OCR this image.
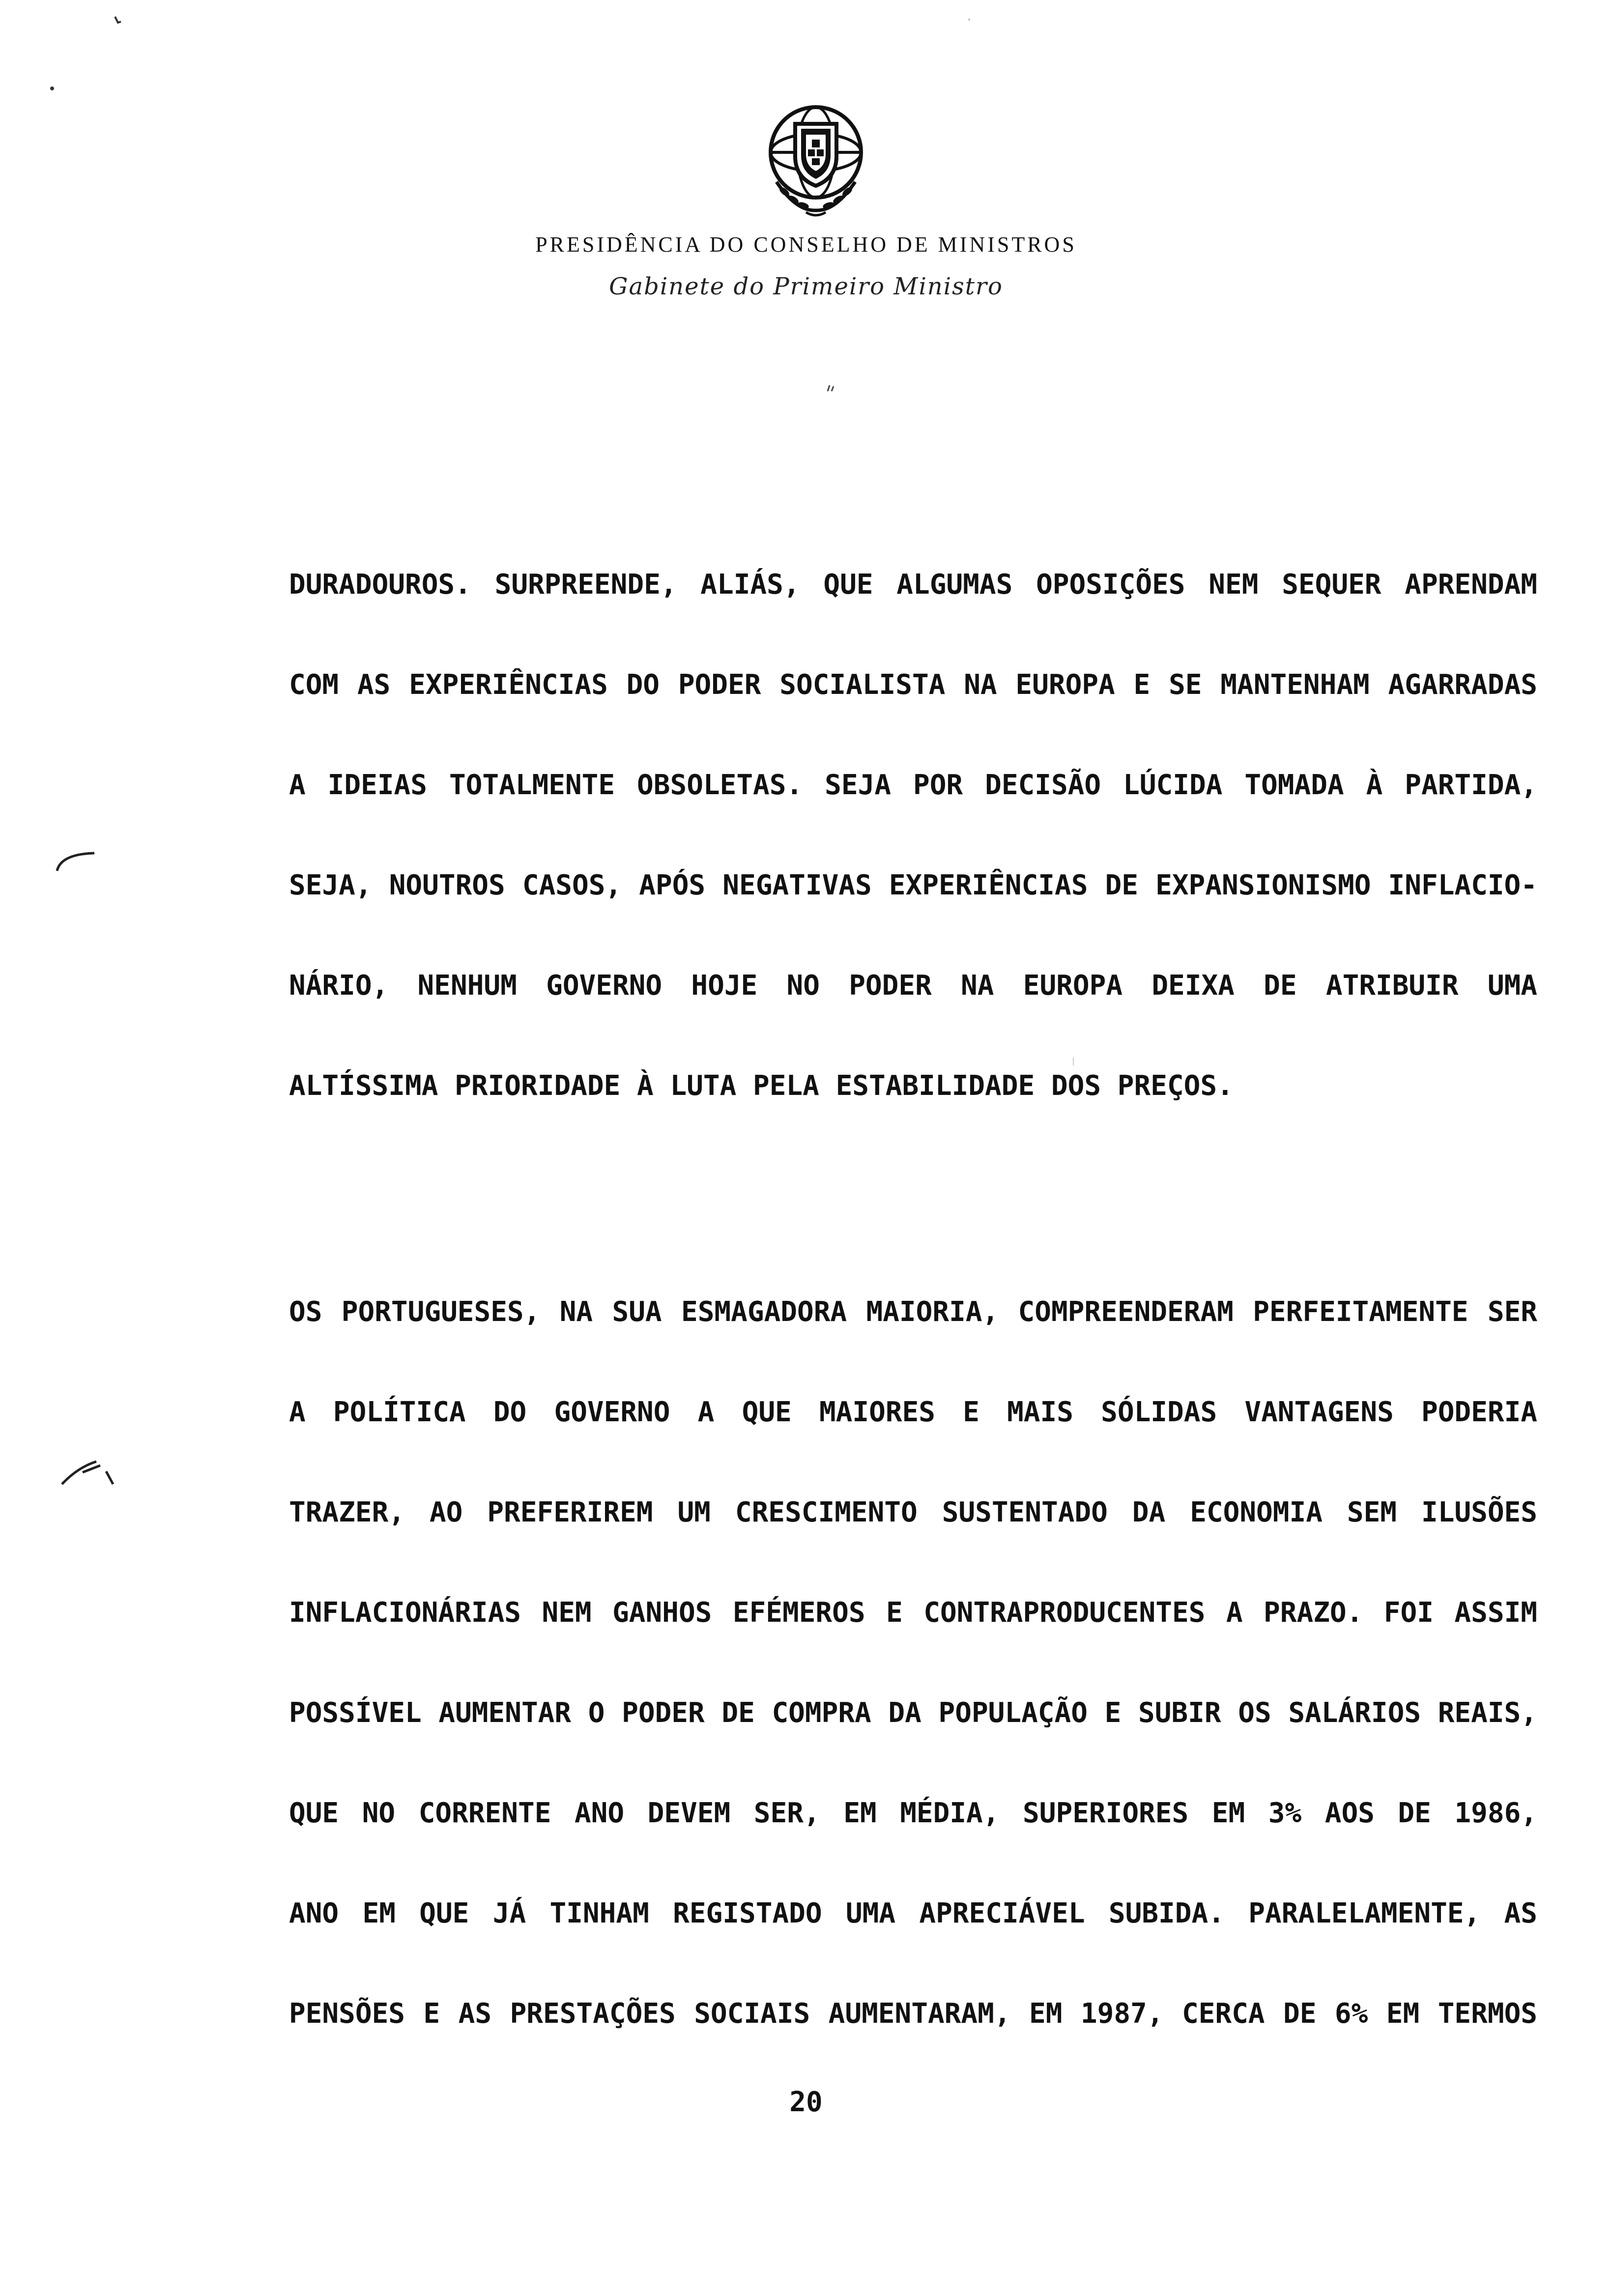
PRESIDÊNCIA DO CONSELHO DE MINISTROS
Gabinete do Primeiro Ministro
DURADOUROS. SURPREENDE, ALIÁS, QUE ALGUMAS OPOSIÇÕES NEM SEQUER APRENDAM
COM AS EXPERIÊNCIAS DO PODER SOCIALISTA NA EUROPA E SE MANTENHAM AGARRADAS
A IDEIAS TOTALMENTE OBSOLETAS. SEJA POR DECISÃO LÚCIDA TOMADA À PARTIDA,
SEJA, NOUTROS CASOS, APÓS NEGATIVAS EXPERIÊNCIAS DE EXPANSIONISMO INFLACIO-
NÁRIO, NENHUM GOVERNO HOJE NO PODER NA EUROPA DEIXA DE ATRIBUIR UMA
ALTÍSSIMA PRIORIDADE À LUTA PELA ESTABILIDADE DOS PREÇOS.
OS PORTUGUESES, NA SUA ESMAGADORA MAIORIA, COMPREENDERAM PERFEITAMENTE SER
A POLÍTICA DO GOVERNO A QUE MAIORES E MAIS SÓLIDAS VANTAGENS PODERIA
TRAZER, AO PREFERIREM UM CRESCIMENTO SUSTENTADO DA ECONOMIA SEM ILUSÕES
INFLACIONÁRIAS NEM GANHOS EFÉMEROS E CONTRAPRODUCENTES A PRAZO. FOI ASSIM
POSSÍVEL AUMENTAR O PODER DE COMPRA DA POPULAÇÃO E SUBIR OS SALÁRIOS REAIS,
QUE NO CORRENTE ANO DEVEM SER, EM MÉDIA, SUPERIORES EM 3% AOS DE 1986,
ANO EM QUE JÁ TINHAM REGISTADO UMA APRECIÁVEL SUBIDA. PARALELAMENTE, AS
PENSÕES E AS PRESTAÇÕES SOCIAIS AUMENTARAM, EM 1987, CERCA DE 6% EM TERMOS
20
